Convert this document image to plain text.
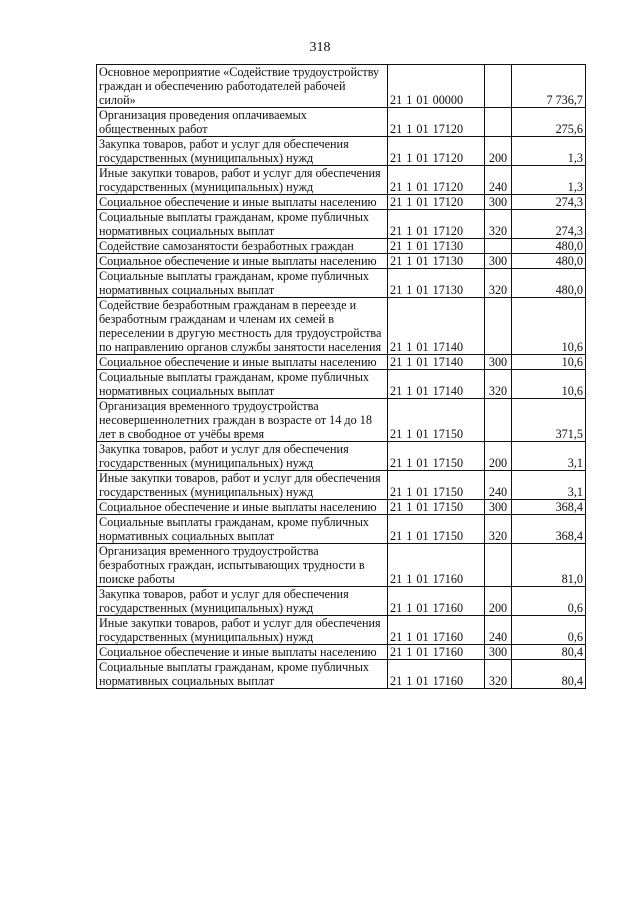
318
Основное мероприятие «Содействие трудоустройству граждан и обеспечению работодателей рабочей силой»	21 1 01 00000		7 736,7
Организация проведения оплачиваемых общественных работ	21 1 01 17120		275,6
Закупка товаров, работ и услуг для обеспечения государственных (муниципальных) нужд	21 1 01 17120	200	1,3
Иные закупки товаров, работ и услуг для обеспечения государственных (муниципальных) нужд	21 1 01 17120	240	1,3
Социальное обеспечение и иные выплаты населению	21 1 01 17120	300	274,3
Социальные выплаты гражданам, кроме публичных нормативных социальных выплат	21 1 01 17120	320	274,3
Содействие самозанятости безработных граждан	21 1 01 17130		480,0
Социальное обеспечение и иные выплаты населению	21 1 01 17130	300	480,0
Социальные выплаты гражданам, кроме публичных нормативных социальных выплат	21 1 01 17130	320	480,0
Содействие безработным гражданам в переезде и безработным гражданам и членам их семей в переселении в другую местность для трудоустройства по направлению органов службы занятости населения	21 1 01 17140		10,6
Социальное обеспечение и иные выплаты населению	21 1 01 17140	300	10,6
Социальные выплаты гражданам, кроме публичных нормативных социальных выплат	21 1 01 17140	320	10,6
Организация временного трудоустройства несовершеннолетних граждан в возрасте от 14 до 18 лет в свободное от учёбы время	21 1 01 17150		371,5
Закупка товаров, работ и услуг для обеспечения государственных (муниципальных) нужд	21 1 01 17150	200	3,1
Иные закупки товаров, работ и услуг для обеспечения государственных (муниципальных) нужд	21 1 01 17150	240	3,1
Социальное обеспечение и иные выплаты населению	21 1 01 17150	300	368,4
Социальные выплаты гражданам, кроме публичных нормативных социальных выплат	21 1 01 17150	320	368,4
Организация временного трудоустройства безработных граждан, испытывающих трудности в поиске работы	21 1 01 17160		81,0
Закупка товаров, работ и услуг для обеспечения государственных (муниципальных) нужд	21 1 01 17160	200	0,6
Иные закупки товаров, работ и услуг для обеспечения государственных (муниципальных) нужд	21 1 01 17160	240	0,6
Социальное обеспечение и иные выплаты населению	21 1 01 17160	300	80,4
Социальные выплаты гражданам, кроме публичных нормативных социальных выплат	21 1 01 17160	320	80,4
·
